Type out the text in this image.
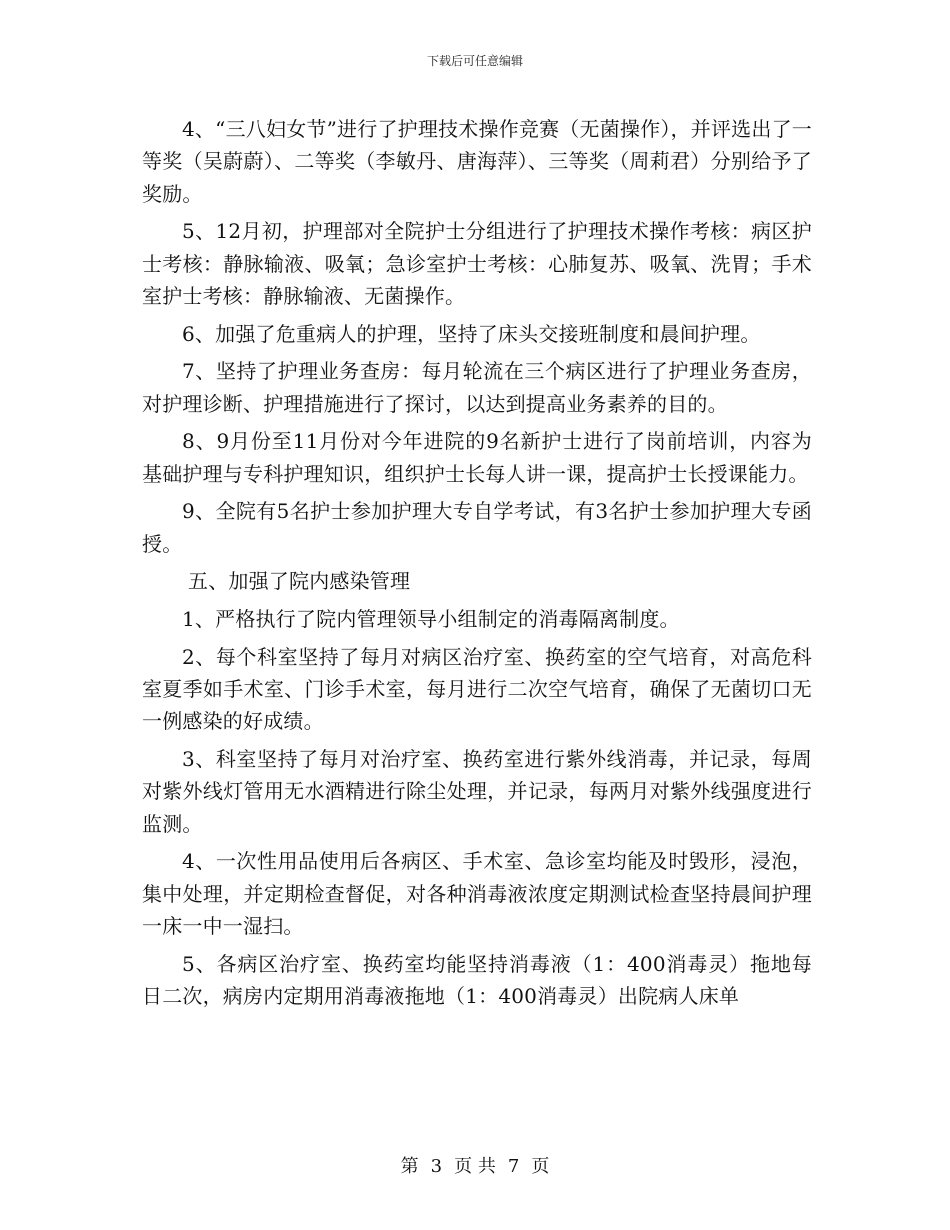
下载后可任意编辑

4、“三八妇女节”进行了护理技术操作竞赛（无菌操作），并评选出了一等奖（吴蔚蔚）、二等奖（李敏丹、唐海萍）、三等奖（周莉君）分别给予了奖励。

5、12月初，护理部对全院护士分组进行了护理技术操作考核：病区护士考核：静脉输液、吸氧；急诊室护士考核：心肺复苏、吸氧、洗胃；手术室护士考核：静脉输液、无菌操作。

6、加强了危重病人的护理，坚持了床头交接班制度和晨间护理。

7、坚持了护理业务查房：每月轮流在三个病区进行了护理业务查房，对护理诊断、护理措施进行了探讨，以达到提高业务素养的目的。

8、9月份至11月份对今年进院的9名新护士进行了岗前培训，内容为基础护理与专科护理知识，组织护士长每人讲一课，提高护士长授课能力。

9、全院有5名护士参加护理大专自学考试，有3名护士参加护理大专函授。

五、加强了院内感染管理

1、严格执行了院内管理领导小组制定的消毒隔离制度。

2、每个科室坚持了每月对病区治疗室、换药室的空气培育，对高危科室夏季如手术室、门诊手术室，每月进行二次空气培育，确保了无菌切口无一例感染的好成绩。

3、科室坚持了每月对治疗室、换药室进行紫外线消毒，并记录，每周对紫外线灯管用无水酒精进行除尘处理，并记录，每两月对紫外线强度进行监测。

4、一次性用品使用后各病区、手术室、急诊室均能及时毁形，浸泡，集中处理，并定期检查督促，对各种消毒液浓度定期测试检查坚持晨间护理一床一中一湿扫。

5、各病区治疗室、换药室均能坚持消毒液（1：400消毒灵）拖地每日二次，病房内定期用消毒液拖地（1：400消毒灵）出院病人床单

第 3 页 共 7 页
